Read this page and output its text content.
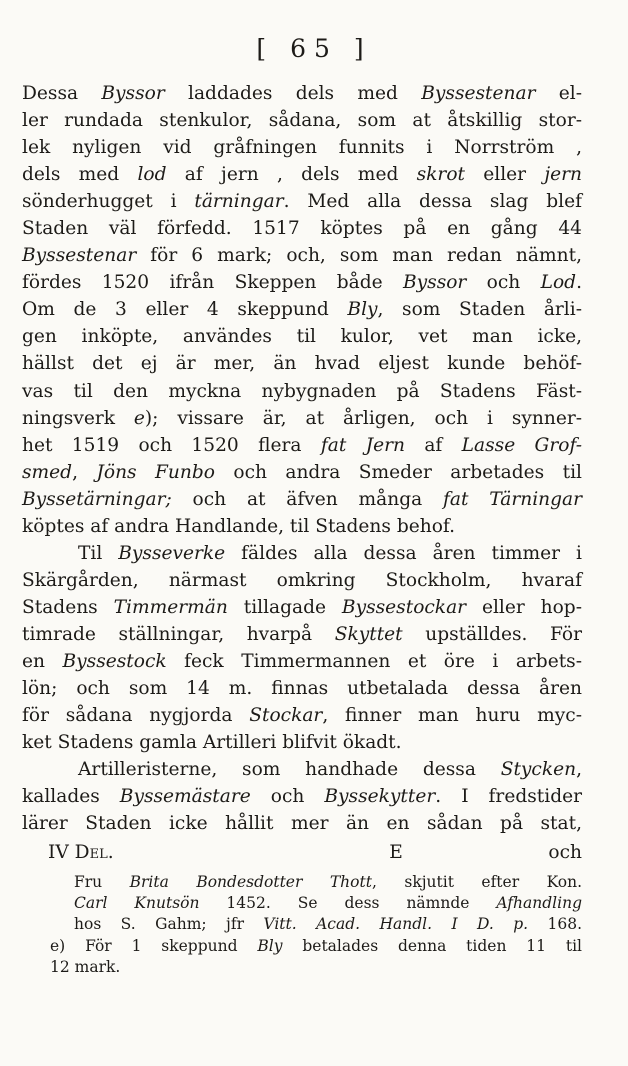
[ 65 ]
Dessa Byssor laddades dels med Byssestenar el-
ler rundada stenkulor, sådana, som at åtskillig stor-
lek nyligen vid gråfningen funnits i Norrström ,
dels med lod af jern , dels med skrot eller jern
sönderhugget i tärningar. Med alla dessa slag blef
Staden väl förfedd. 1517 köptes på en gång 44
Byssestenar för 6 mark; och, som man redan nämnt,
fördes 1520 ifrån Skeppen både Byssor och Lod.
Om de 3 eller 4 skeppund Bly, som Staden årli-
gen inköpte, användes til kulor, vet man icke,
hällst det ej är mer, än hvad eljest kunde behöf-
vas til den myckna nybygnaden på Stadens Fäst-
ningsverk e); vissare är, at årligen, och i synner-
het 1519 och 1520 flera fat Jern af Lasse Grof-
smed, Jöns Funbo och andra Smeder arbetades til
Byssetärningar; och at äfven många fat Tärningar
köptes af andra Handlande, til Stadens behof.
Til Bysseverke fäldes alla dessa åren timmer i
Skärgården, närmast omkring Stockholm, hvaraf
Stadens Timmermän tillagade Byssestockar eller hop-
timrade ställningar, hvarpå Skyttet upställdes. För
en Byssestock feck Timmermannen et öre i arbets-
lön; och som 14 m. finnas utbetalada dessa åren
för sådana nygjorda Stockar, finner man huru myc-
ket Stadens gamla Artilleri blifvit ökadt.
Artilleristerne, som handhade dessa Stycken,
kallades Byssemästare och Byssekytter. I fredstider
lärer Staden icke hållit mer än en sådan på stat,
IV Del.	E	och
Fru Brita Bondesdotter Thott, skjutit efter Kon.
Carl Knutsön 1452. Se dess nämnde Afhandling
hos S. Gahm; jfr Vitt. Acad. Handl. I D. p. 168.
e) För 1 skeppund Bly betalades denna tiden 11 til
12 mark.
